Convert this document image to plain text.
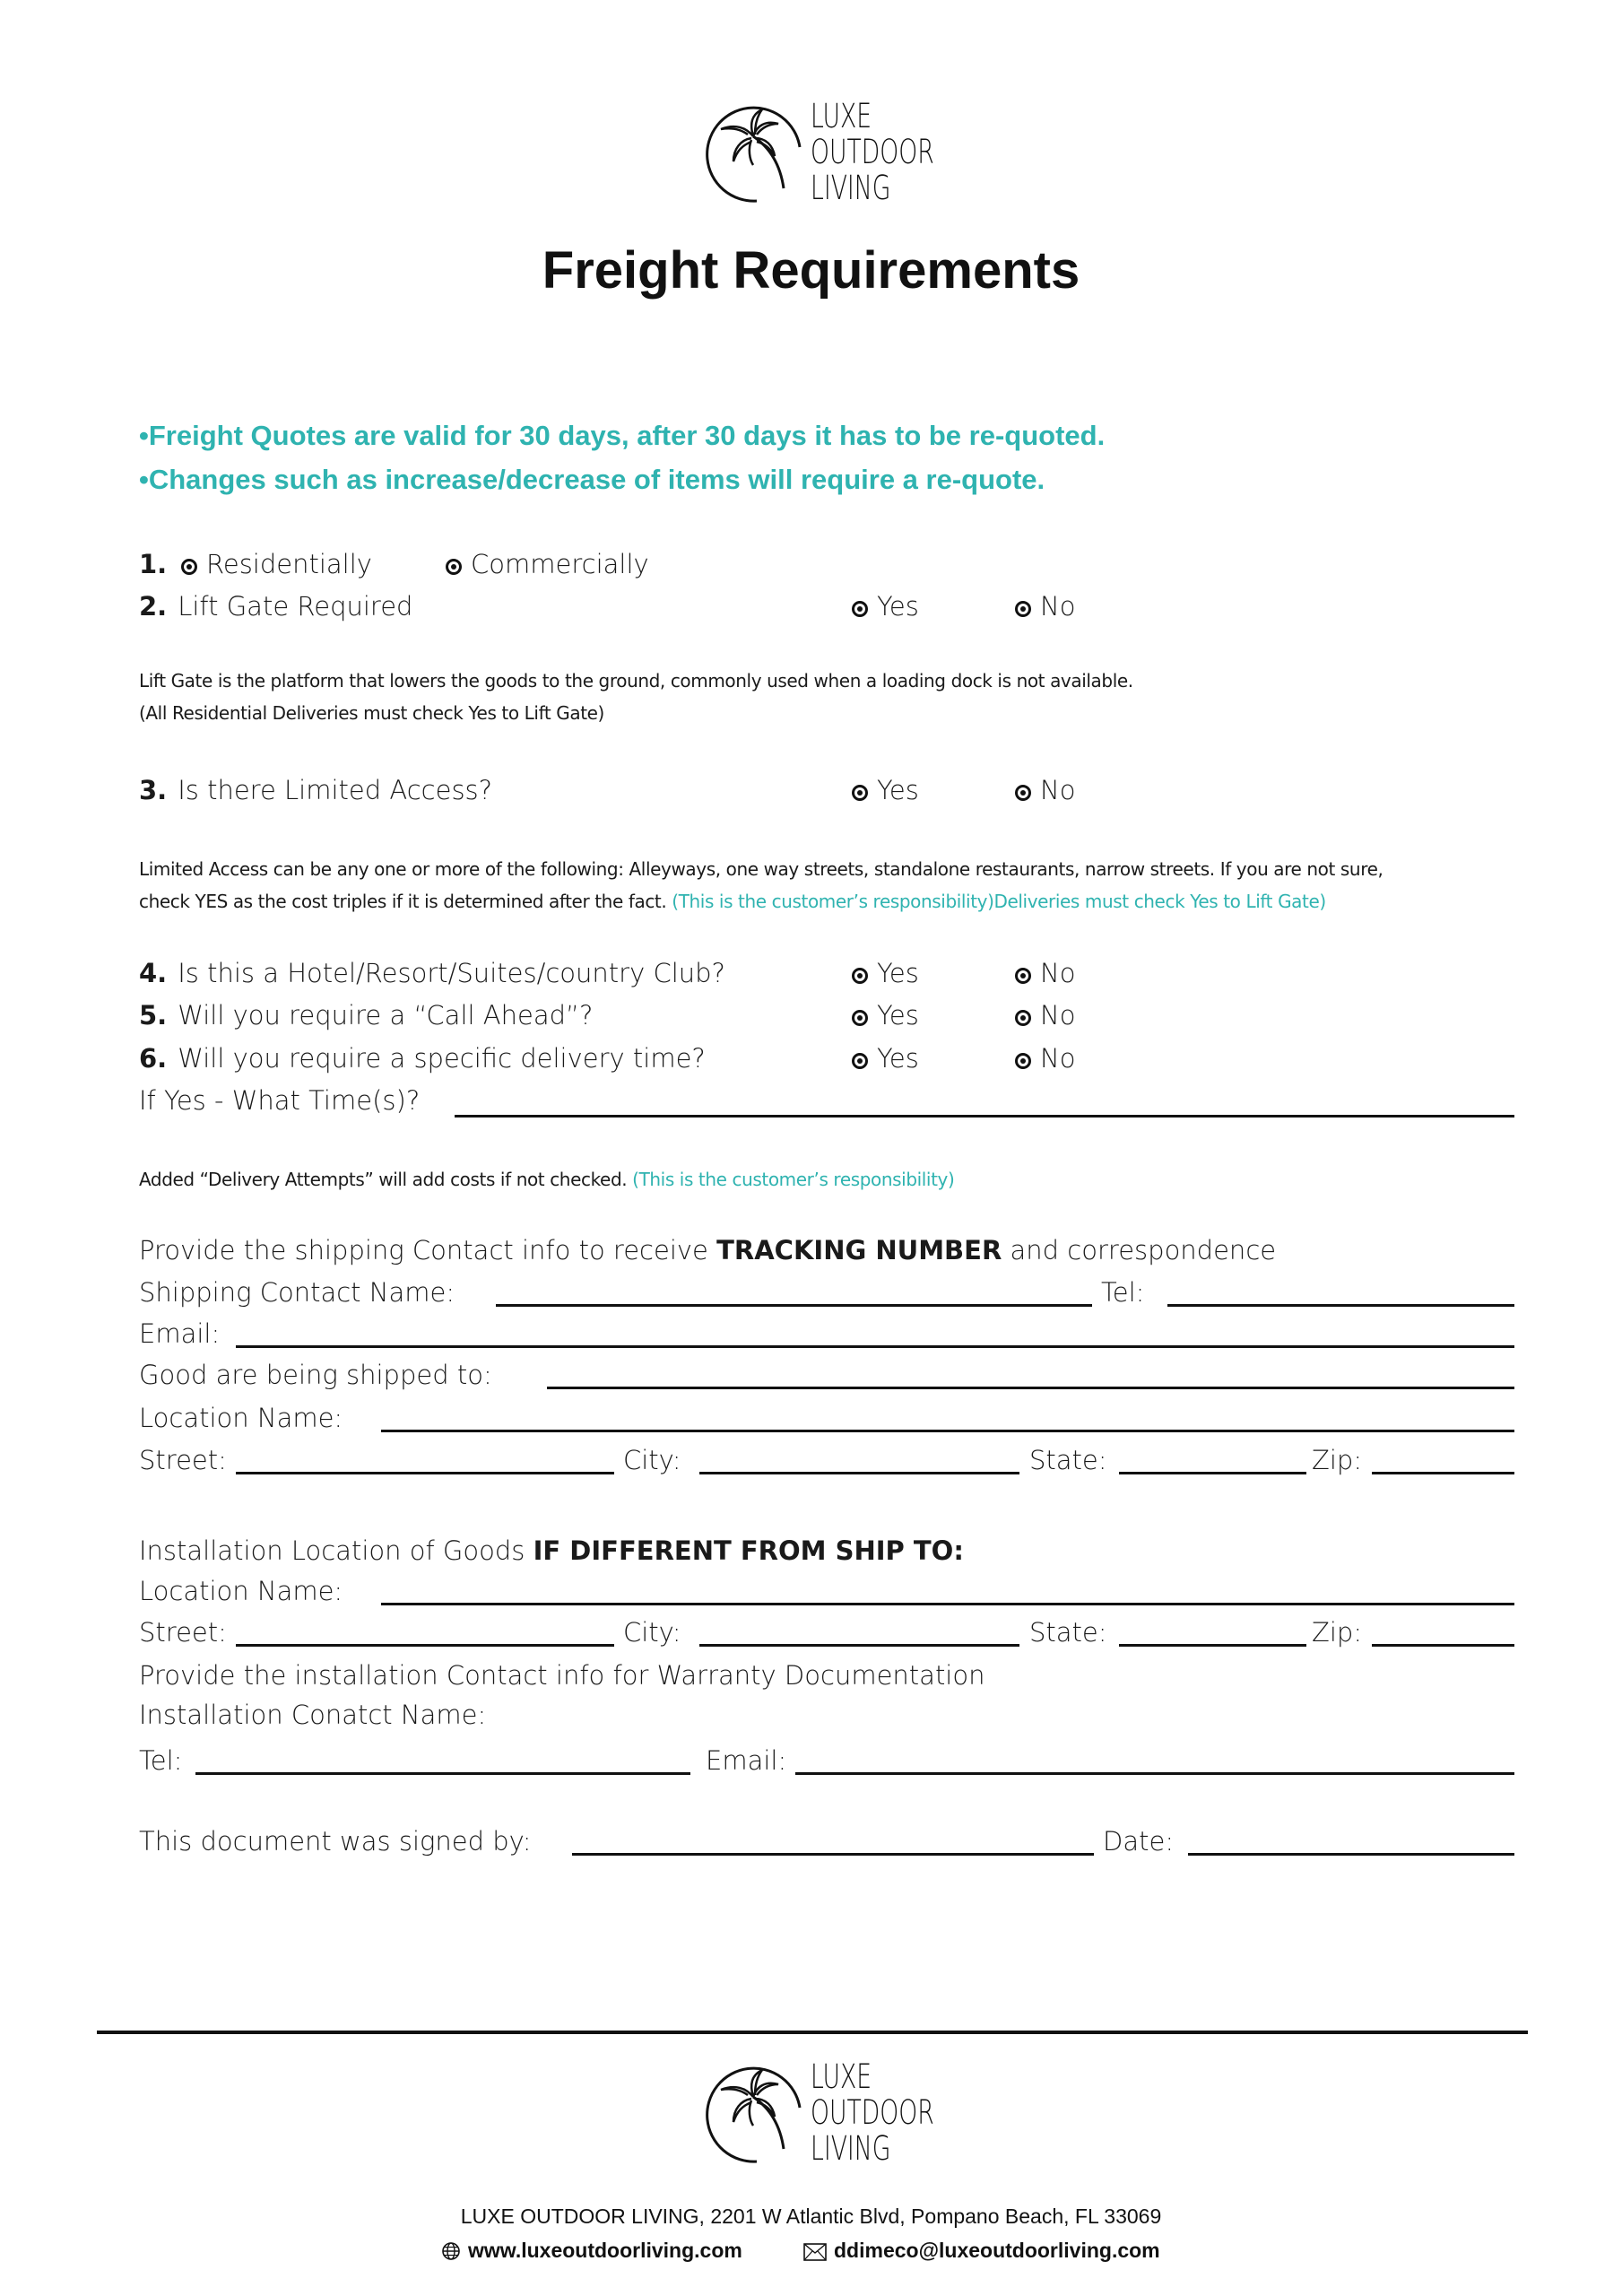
LUXE
OUTDOOR
LIVING
Freight Requirements
•Freight Quotes are valid for 30 days, after 30 days it has to be re-quoted.
•Changes such as increase/decrease of items will require a re-quote.
1.	Residentially	Commercially
2. Lift Gate Required	Yes	No
Lift Gate is the platform that lowers the goods to the ground, commonly used when a loading dock is not available.
(All Residential Deliveries must check Yes to Lift Gate)
3. Is there Limited Access?	Yes	No
Limited Access can be any one or more of the following: Alleyways, one way streets, standalone restaurants, narrow streets. If you are not sure,
check YES as the cost triples if it is determined after the fact. (This is the customer’s responsibility)Deliveries must check Yes to Lift Gate)
4. Is this a Hotel/Resort/Suites/country Club?	Yes	No
5. Will you require a “Call Ahead”?	Yes	No
6. Will you require a specific delivery time?	Yes	No
If Yes - What Time(s)?
Added “Delivery Attempts” will add costs if not checked. (This is the customer’s responsibility)
Provide the shipping Contact info to receive TRACKING NUMBER and correspondence
Shipping Contact Name:	Tel:
Email:
Good are being shipped to:
Location Name:
Street:	City:	State:	Zip:
Installation Location of Goods IF DIFFERENT FROM SHIP TO:
Location Name:
Street:	City:	State:	Zip:
Provide the installation Contact info for Warranty Documentation
Installation Conatct Name:
Tel:	Email:
This document was signed by:	Date:
LUXE
OUTDOOR
LIVING
LUXE OUTDOOR LIVING, 2201 W Atlantic Blvd, Pompano Beach, FL 33069
www.luxeoutdoorliving.com	ddimeco@luxeoutdoorliving.com
